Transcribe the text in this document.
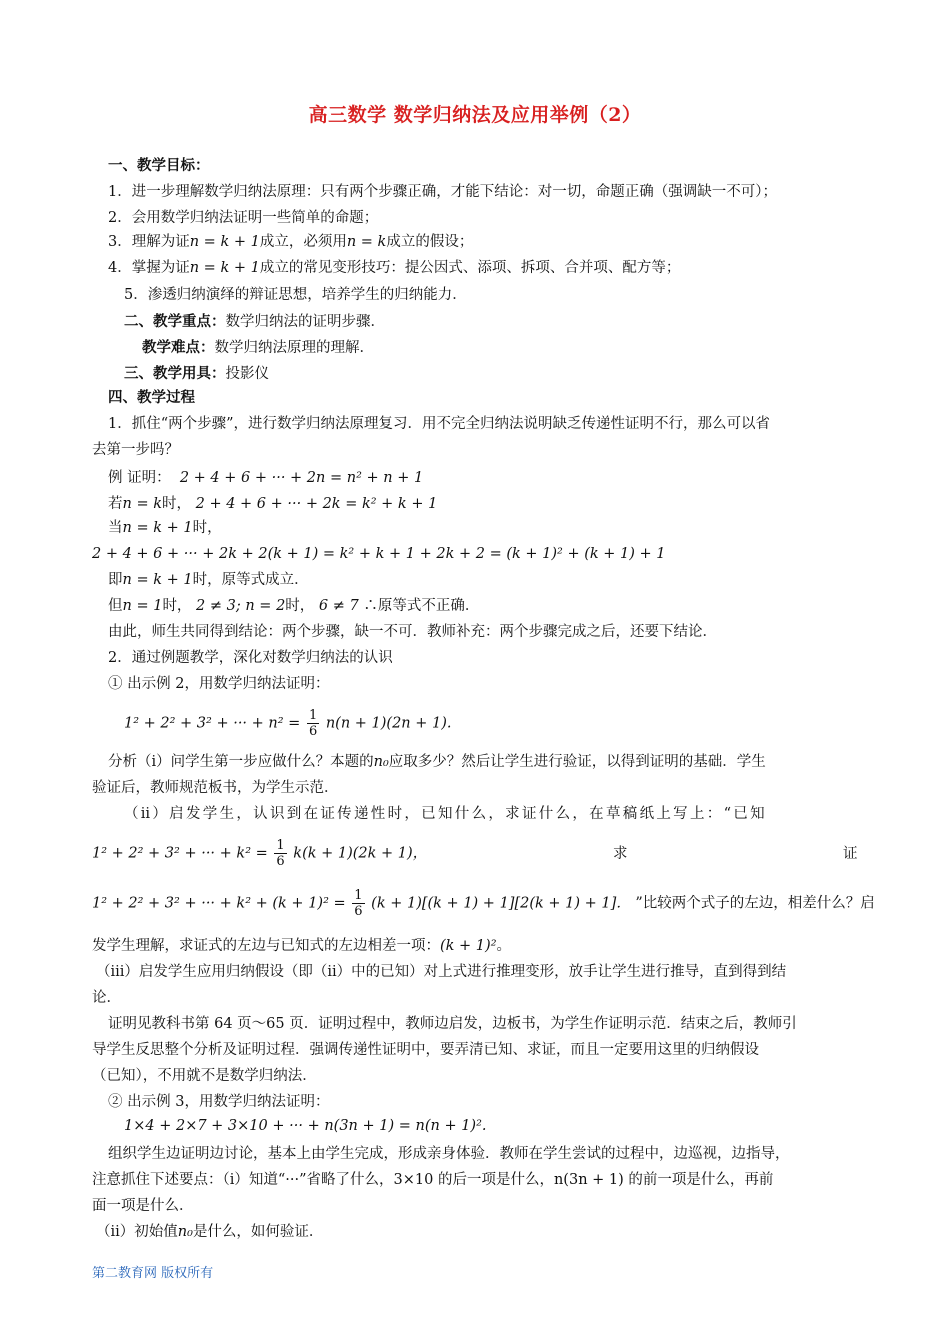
高三数学 数学归纳法及应用举例（2）
一、教学目标：
1．进一步理解数学归纳法原理：只有两个步骤正确，才能下结论：对一切，命题正确（强调缺一不可）；
2．会用数学归纳法证明一些简单的命题；
3．理解为证n = k + 1成立，必须用n = k成立的假设；
4．掌握为证n = k + 1成立的常见变形技巧：提公因式、添项、拆项、合并项、配方等；
5．渗透归纳演绎的辩证思想，培养学生的归纳能力．
二、教学重点：数学归纳法的证明步骤．
教学难点：数学归纳法原理的理解．
三、教学用具：投影仪
四、教学过程
1．抓住“两个步骤”，进行数学归纳法原理复习．用不完全归纳法说明缺乏传递性证明不行，那么可以省
去第一步吗？
例 证明： 2 + 4 + 6 + ··· + 2n = n² + n + 1
若n = k时， 2 + 4 + 6 + ··· + 2k = k² + k + 1
当n = k + 1时，
2 + 4 + 6 + ··· + 2k + 2(k + 1) = k² + k + 1 + 2k + 2 = (k + 1)² + (k + 1) + 1
即n = k + 1时，原等式成立．
但n = 1时， 2 ≠ 3; n = 2时， 6 ≠ 7 ∴原等式不正确．
由此，师生共同得到结论：两个步骤，缺一不可．教师补充：两个步骤完成之后，还要下结论．
2．通过例题教学，深化对数学归纳法的认识
① 出示例 2，用数学归纳法证明：
1² + 2² + 3² + ··· + $n^2 = \frac{1}{6} n(n + 1)(2n + 1)$.
分析（ⅰ）问学生第一步应做什么？本题的n₀应取多少？然后让学生进行验证，以得到证明的基础．学生
验证后，教师规范板书，为学生示范．
（ⅱ）启发学生，认识到在证传递性时，已知什么，求证什么，在草稿纸上写上：“已知
1² + 2² + 3² + ··· + $k^2 = \frac{1}{6} k(k + 1)(2k + 1)$，	求	证
1² + 2² + 3² + ··· + $k^2 + (k + 1)^2 = \frac{1}{6} (k + 1)[(k + 1) + 1][2(k + 1) + 1]$． ”比较两个式子的左边，相差什么？启
发学生理解，求证式的左边与已知式的左边相差一项：(k + 1)²。
（ⅲ）启发学生应用归纳假设（即（ⅱ）中的已知）对上式进行推理变形，放手让学生进行推导，直到得到结
论．
证明见教科书第 64 页～65 页．证明过程中，教师边启发，边板书，为学生作证明示范．结束之后，教师引
导学生反思整个分析及证明过程．强调传递性证明中，要弄清已知、求证，而且一定要用这里的归纳假设
（已知），不用就不是数学归纳法．
② 出示例 3，用数学归纳法证明：
1×4 + 2×7 + 3×10 + ··· + n(3n + 1) = n(n + 1)².
组织学生边证明边讨论，基本上由学生完成，形成亲身体验．教师在学生尝试的过程中，边巡视，边指导，
注意抓住下述要点：（ⅰ）知道“···”省略了什么，3×10 的后一项是什么，n(3n + 1) 的前一项是什么，再前
面一项是什么．
（ⅱ）初始值n₀是什么，如何验证．
第二教育网 版权所有
